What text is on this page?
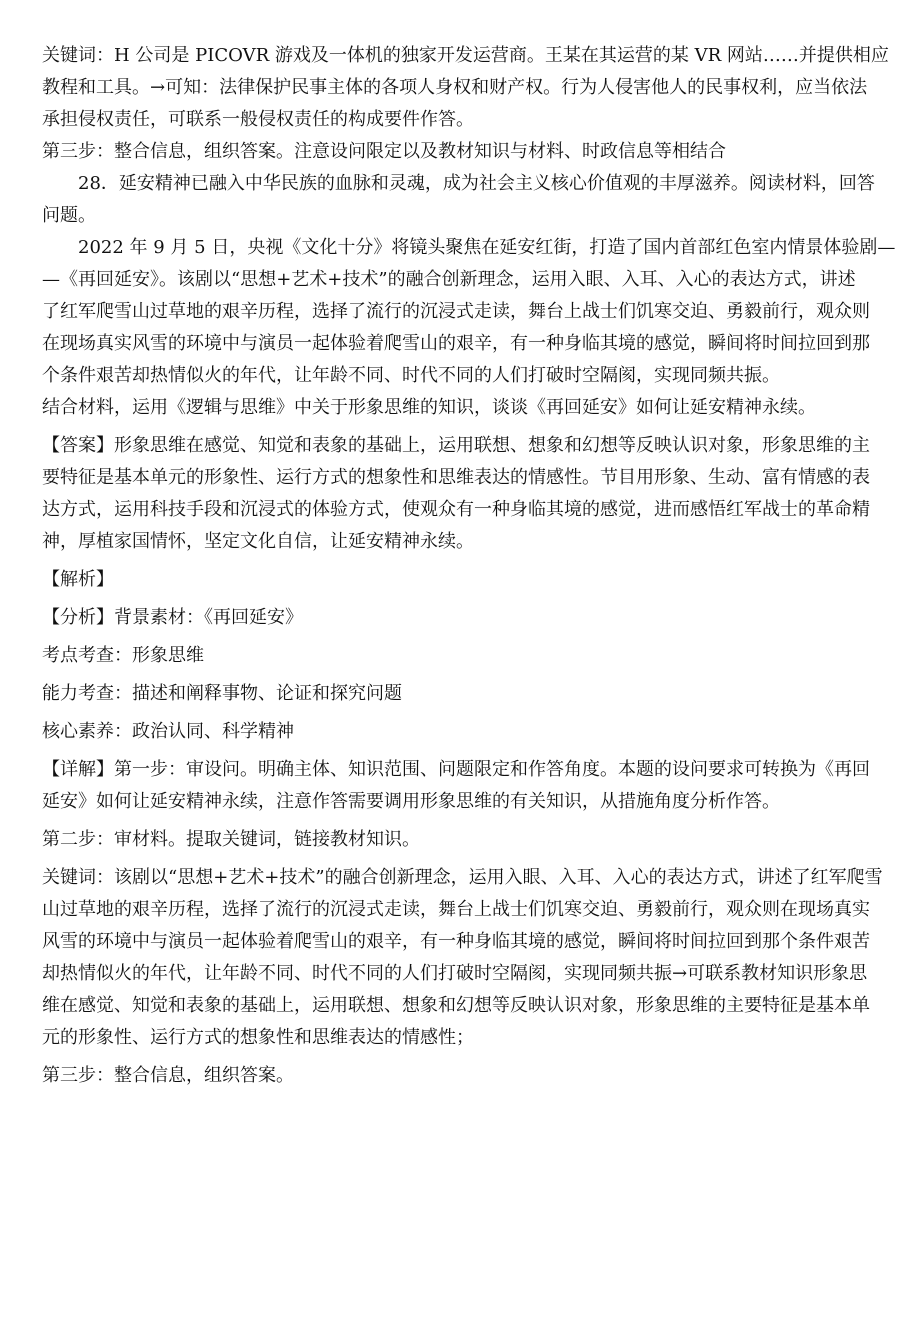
关键词：H 公司是 PICOVR 游戏及一体机的独家开发运营商。王某在其运营的某 VR 网站……并提供相应
教程和工具。→可知：法律保护民事主体的各项人身权和财产权。行为人侵害他人的民事权利，应当依法
承担侵权责任，可联系一般侵权责任的构成要件作答。

第三步：整合信息，组织答案。注意设问限定以及教材知识与材料、时政信息等相结合

28．延安精神已融入中华民族的血脉和灵魂，成为社会主义核心价值观的丰厚滋养。阅读材料，回答
问题。

2022 年 9 月 5 日，央视《文化十分》将镜头聚焦在延安红街，打造了国内首部红色室内情景体验剧—
—《再回延安》。该剧以“思想+艺术+技术”的融合创新理念，运用入眼、入耳、入心的表达方式，讲述
了红军爬雪山过草地的艰辛历程，选择了流行的沉浸式走读，舞台上战士们饥寒交迫、勇毅前行，观众则
在现场真实风雪的环境中与演员一起体验着爬雪山的艰辛，有一种身临其境的感觉，瞬间将时间拉回到那
个条件艰苦却热情似火的年代，让年龄不同、时代不同的人们打破时空隔阂，实现同频共振。

结合材料，运用《逻辑与思维》中关于形象思维的知识，谈谈《再回延安》如何让延安精神永续。

【答案】形象思维在感觉、知觉和表象的基础上，运用联想、想象和幻想等反映认识对象，形象思维的主
要特征是基本单元的形象性、运行方式的想象性和思维表达的情感性。节目用形象、生动、富有情感的表
达方式，运用科技手段和沉浸式的体验方式，使观众有一种身临其境的感觉，进而感悟红军战士的革命精
神，厚植家国情怀，坚定文化自信，让延安精神永续。

【解析】

【分析】背景素材：《再回延安》

考点考查：形象思维

能力考查：描述和阐释事物、论证和探究问题

核心素养：政治认同、科学精神

【详解】第一步：审设问。明确主体、知识范围、问题限定和作答角度。本题的设问要求可转换为《再回
延安》如何让延安精神永续，注意作答需要调用形象思维的有关知识，从措施角度分析作答。

第二步：审材料。提取关键词，链接教材知识。

关键词：该剧以“思想+艺术+技术”的融合创新理念，运用入眼、入耳、入心的表达方式，讲述了红军爬雪
山过草地的艰辛历程，选择了流行的沉浸式走读，舞台上战士们饥寒交迫、勇毅前行，观众则在现场真实
风雪的环境中与演员一起体验着爬雪山的艰辛，有一种身临其境的感觉，瞬间将时间拉回到那个条件艰苦
却热情似火的年代，让年龄不同、时代不同的人们打破时空隔阂，实现同频共振→可联系教材知识形象思
维在感觉、知觉和表象的基础上，运用联想、想象和幻想等反映认识对象，形象思维的主要特征是基本单
元的形象性、运行方式的想象性和思维表达的情感性；

第三步：整合信息，组织答案。
